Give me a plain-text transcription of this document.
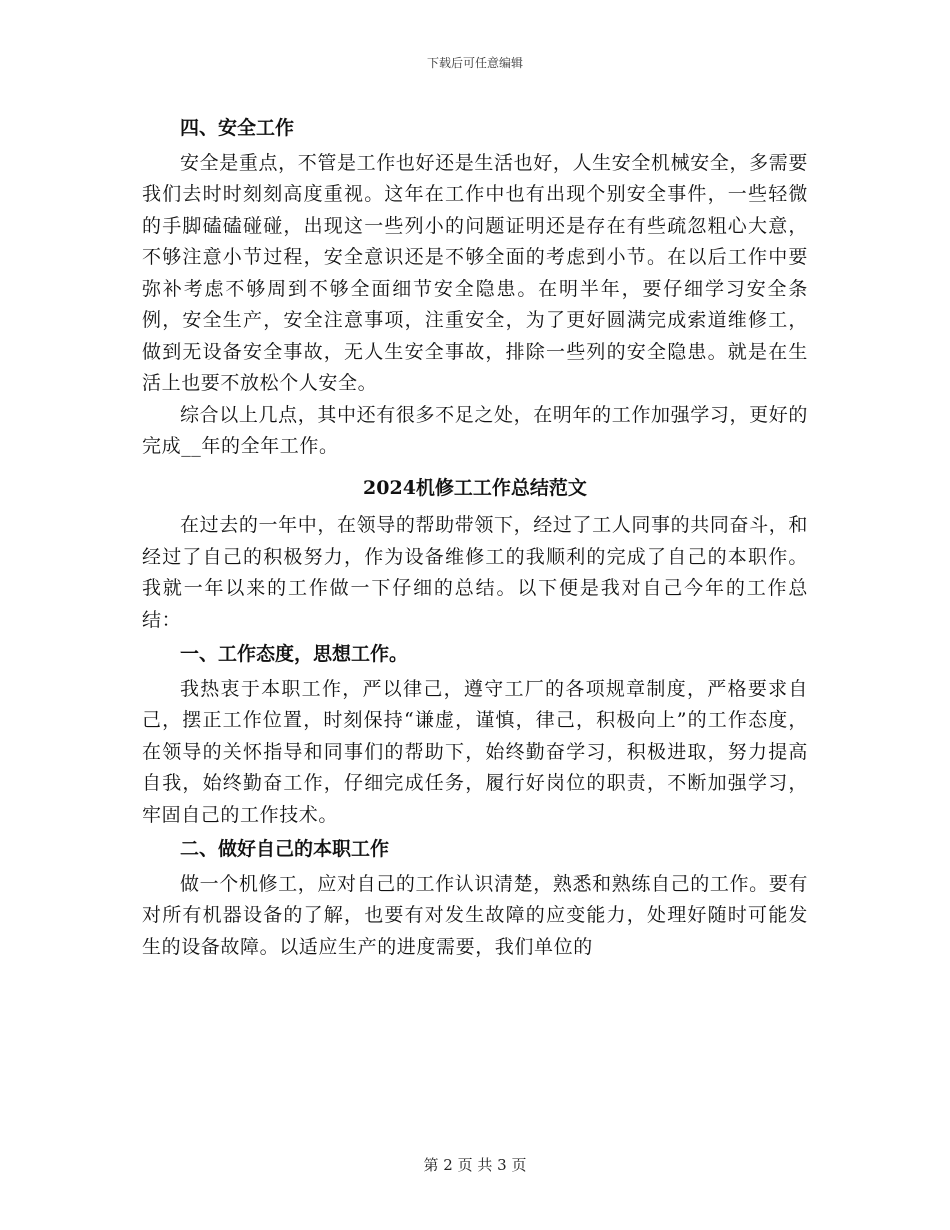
下载后可任意编辑
四、安全工作

安全是重点，不管是工作也好还是生活也好，人生安全机械安全，多需要我们去时时刻刻高度重视。这年在工作中也有出现个别安全事件，一些轻微的手脚磕磕碰碰，出现这一些列小的问题证明还是存在有些疏忽粗心大意，不够注意小节过程，安全意识还是不够全面的考虑到小节。在以后工作中要弥补考虑不够周到不够全面细节安全隐患。在明半年，要仔细学习安全条例，安全生产，安全注意事项，注重安全，为了更好圆满完成索道维修工，做到无设备安全事故，无人生安全事故，排除一些列的安全隐患。就是在生活上也要不放松个人安全。

综合以上几点，其中还有很多不足之处，在明年的工作加强学习，更好的完成__年的全年工作。

2024机修工工作总结范文

在过去的一年中，在领导的帮助带领下，经过了工人同事的共同奋斗，和经过了自己的积极努力，作为设备维修工的我顺利的完成了自己的本职作。我就一年以来的工作做一下仔细的总结。以下便是我对自己今年的工作总结：

一、工作态度，思想工作。

我热衷于本职工作，严以律己，遵守工厂的各项规章制度，严格要求自己，摆正工作位置，时刻保持“谦虚，谨慎，律己，积极向上”的工作态度，在领导的关怀指导和同事们的帮助下，始终勤奋学习，积极进取，努力提高自我，始终勤奋工作，仔细完成任务，履行好岗位的职责，不断加强学习，牢固自己的工作技术。

二、做好自己的本职工作

做一个机修工，应对自己的工作认识清楚，熟悉和熟练自己的工作。要有对所有机器设备的了解，也要有对发生故障的应变能力，处理好随时可能发生的设备故障。以适应生产的进度需要，我们单位的

第 2 页 共 3 页
